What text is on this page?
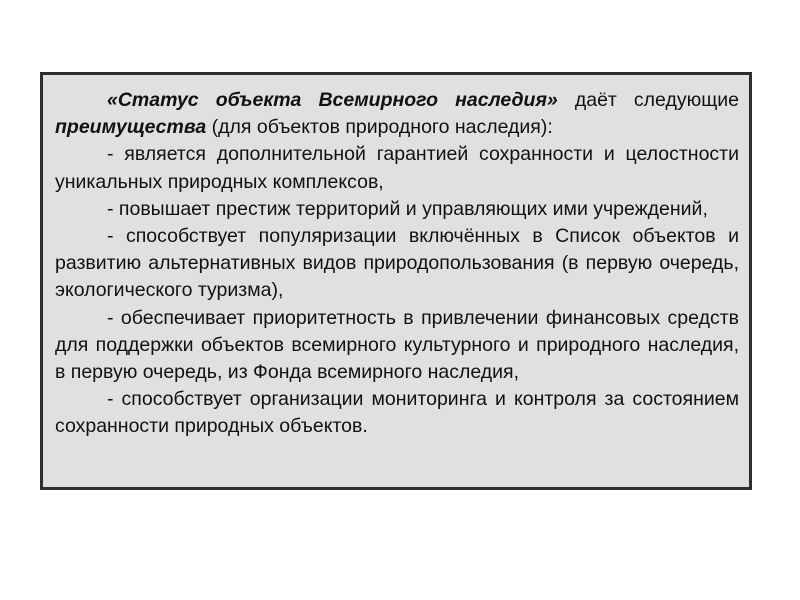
«Статус объекта Всемирного наследия» даёт следующие преимущества (для объектов природного наследия):

- является дополнительной гарантией сохранности и целостности уникальных природных комплексов,

- повышает престиж территорий и управляющих ими учреждений,

- способствует популяризации включённых в Список объектов и развитию альтернативных видов природопользования (в первую очередь, экологического туризма),

- обеспечивает приоритетность в привлечении финансовых средств для поддержки объектов всемирного культурного и природного наследия, в первую очередь, из Фонда всемирного наследия,

- способствует организации мониторинга и контроля за состоянием сохранности природных объектов.
